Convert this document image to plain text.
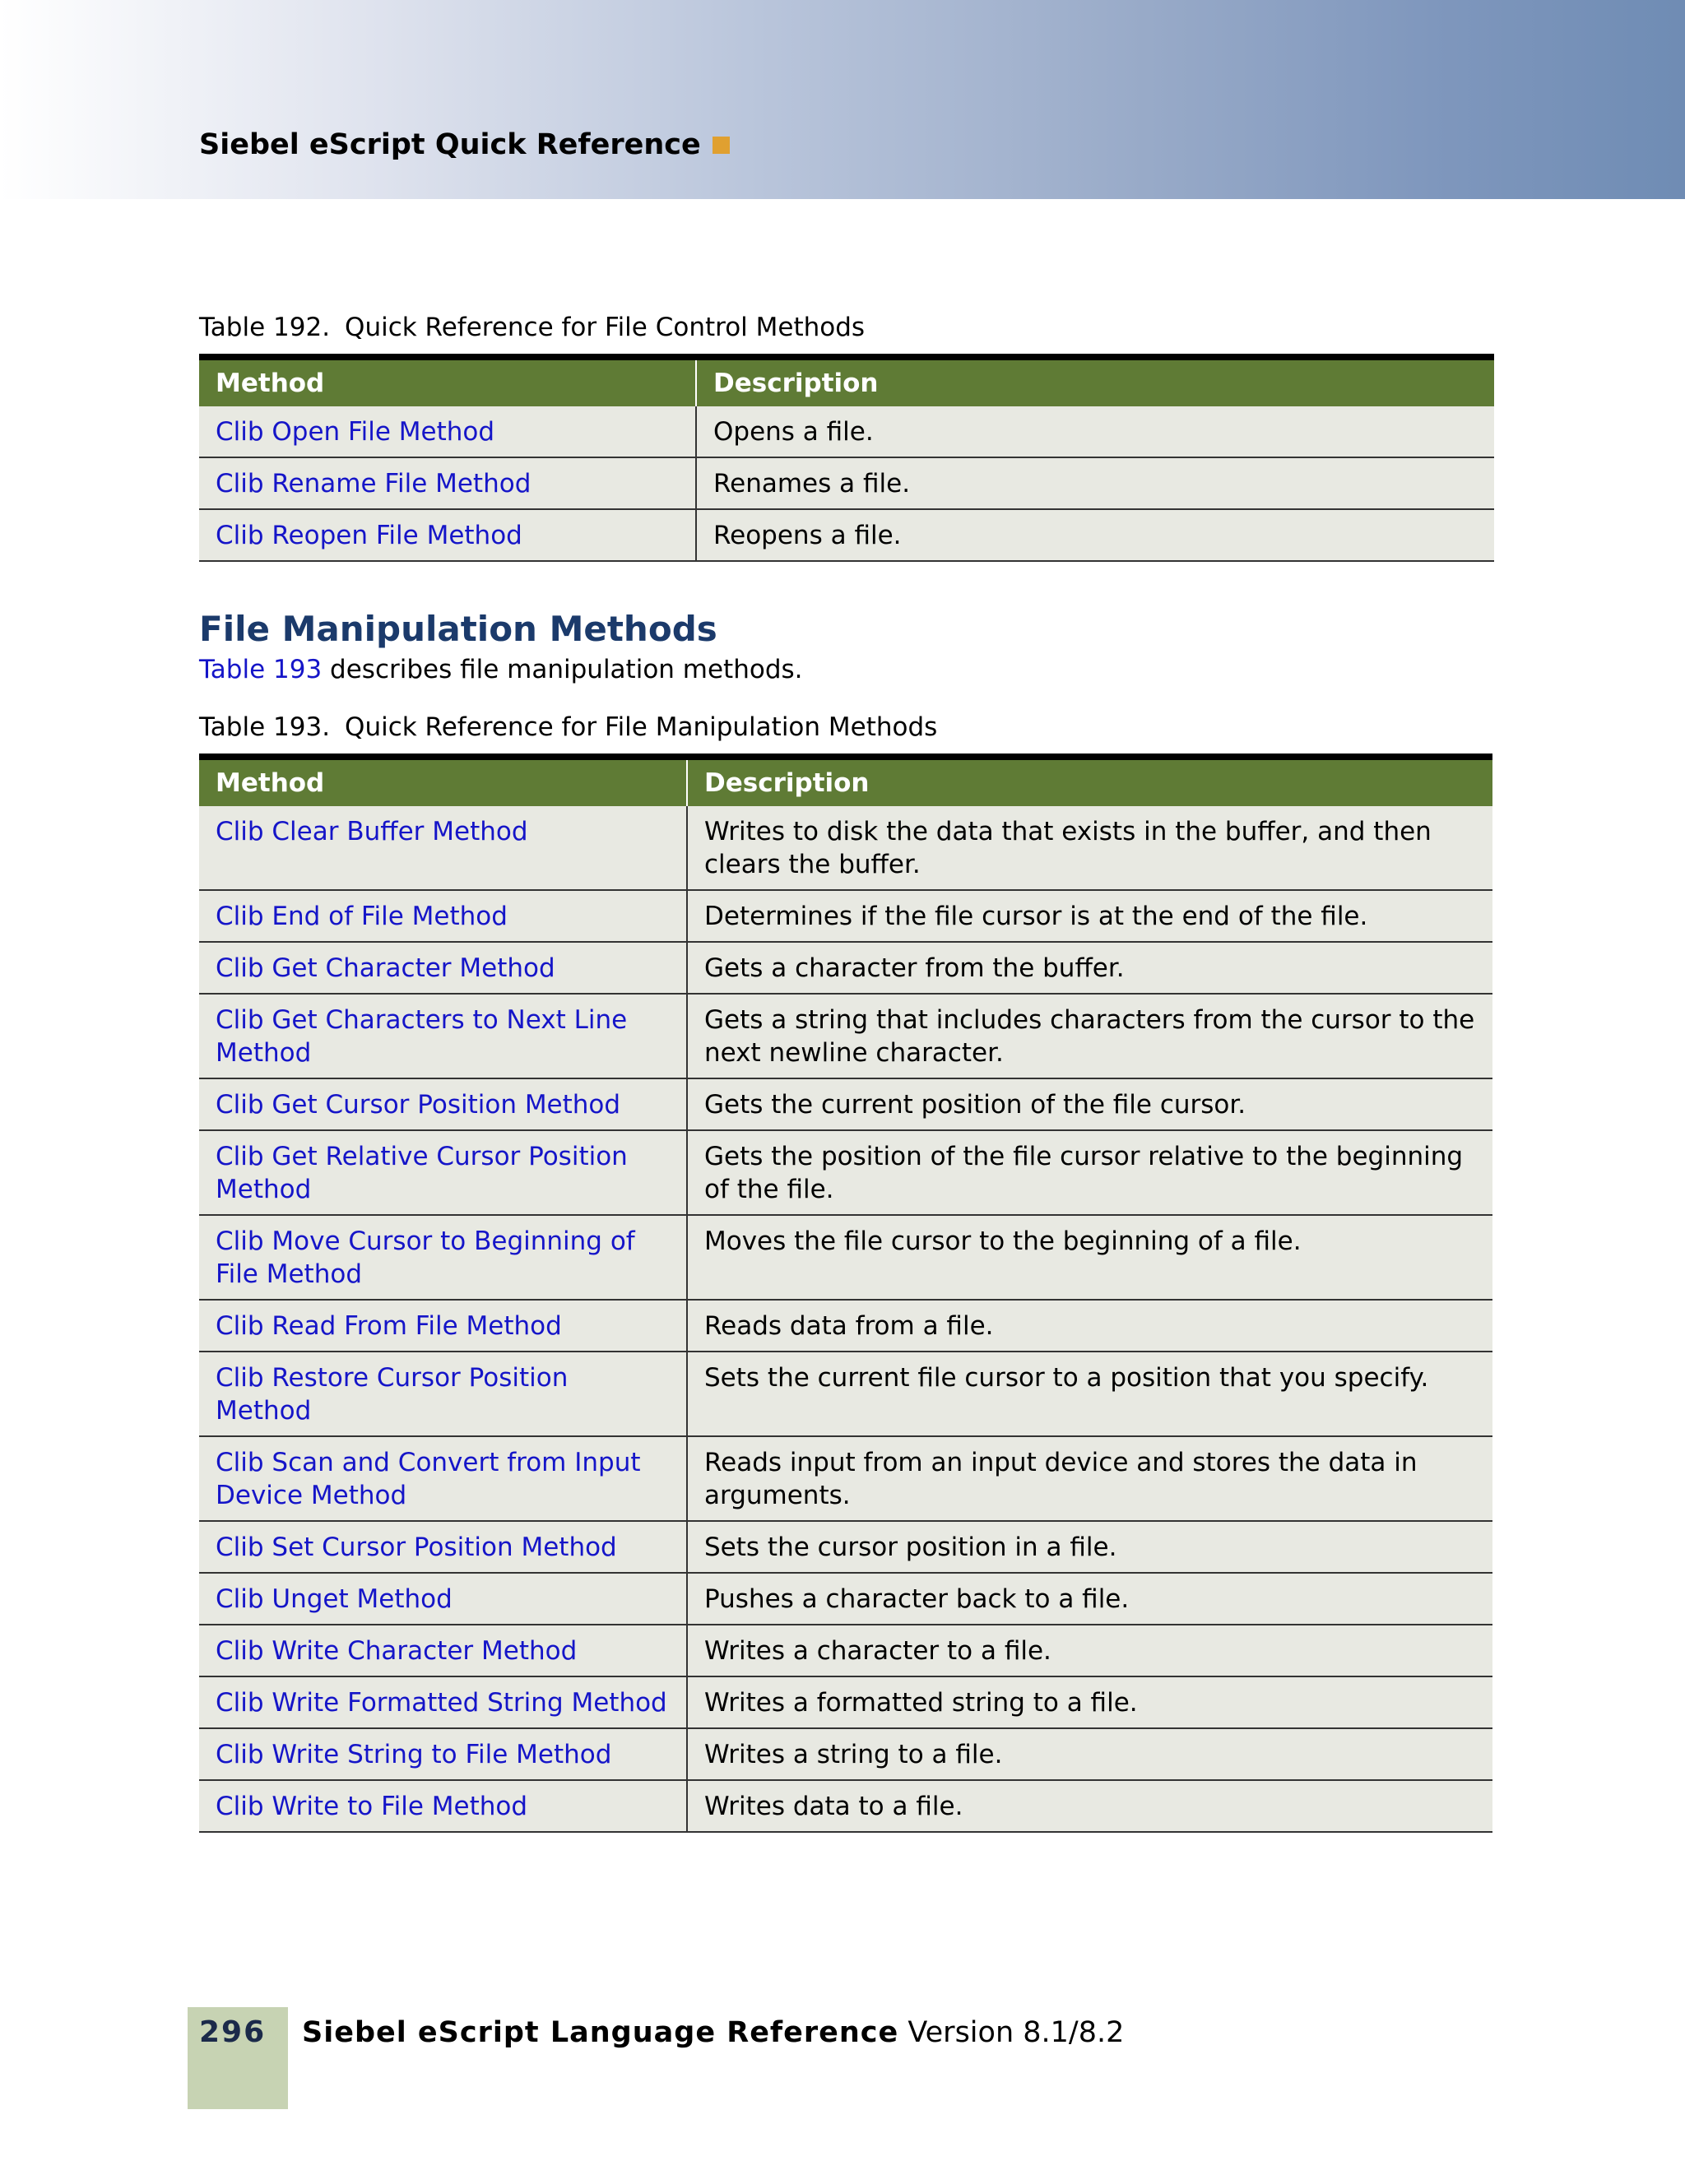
Siebel eScript Quick Reference
Table 192. Quick Reference for File Control Methods
Method	Description
Clib Open File Method	Opens a file.
Clib Rename File Method	Renames a file.
Clib Reopen File Method	Reopens a file.
File Manipulation Methods
Table 193 describes file manipulation methods.
Table 193. Quick Reference for File Manipulation Methods
Method	Description
Clib Clear Buffer Method	Writes to disk the data that exists in the buffer, and then clears the buffer.
Clib End of File Method	Determines if the file cursor is at the end of the file.
Clib Get Character Method	Gets a character from the buffer.
Clib Get Characters to Next Line Method	Gets a string that includes characters from the cursor to the next newline character.
Clib Get Cursor Position Method	Gets the current position of the file cursor.
Clib Get Relative Cursor Position Method	Gets the position of the file cursor relative to the beginning of the file.
Clib Move Cursor to Beginning of File Method	Moves the file cursor to the beginning of a file.
Clib Read From File Method	Reads data from a file.
Clib Restore Cursor Position Method	Sets the current file cursor to a position that you specify.
Clib Scan and Convert from Input Device Method	Reads input from an input device and stores the data in arguments.
Clib Set Cursor Position Method	Sets the cursor position in a file.
Clib Unget Method	Pushes a character back to a file.
Clib Write Character Method	Writes a character to a file.
Clib Write Formatted String Method	Writes a formatted string to a file.
Clib Write String to File Method	Writes a string to a file.
Clib Write to File Method	Writes data to a file.
296 Siebel eScript Language Reference Version 8.1/8.2
